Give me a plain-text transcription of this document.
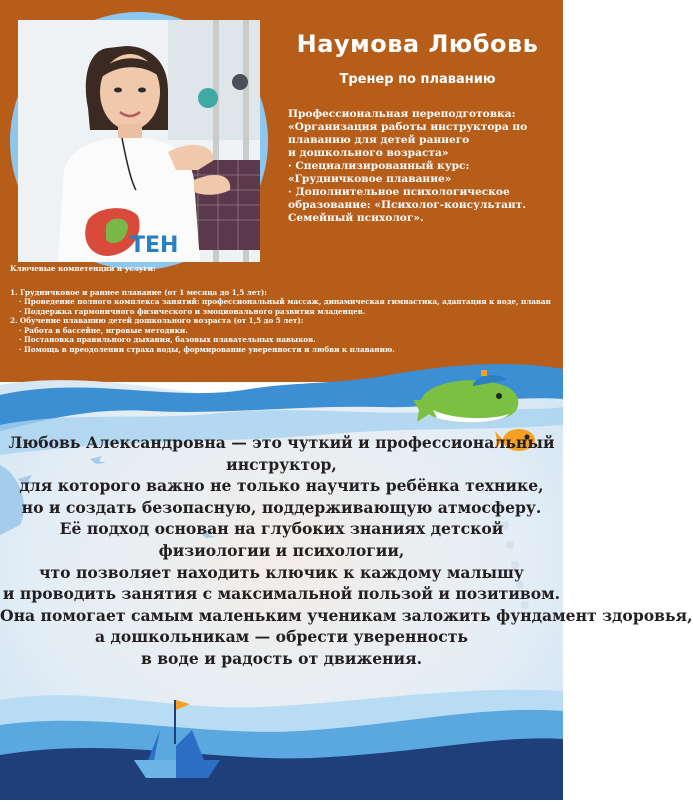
ТЕН
Наумова Любовь
Тренер по плаванию
Профессиональная переподготовка:
«Организация работы инструктора по
плаванию для детей раннего
и дошкольного возраста»
· Специализированный курс:
«Грудничковое плавание»
· Дополнительное психологическое
образование: «Психолог-консультант.
Семейный психолог».
Ключевые компетенции и услуги:
1. Грудничковое и раннее плавание (от 1 месяца до 1,5 лет):
· Проведение полного комплекса занятий: профессиональный массаж, динамическая гимнастика, адаптация к воде, плаван
· Поддержка гармоничного физического и эмоционального развития младенцев.
2. Обучение плаванию детей дошкольного возраста (от 1,5 до 5 лет):
· Работа в бассейне, игровые методики.
· Постановка правильного дыхания, базовых плавательных навыков.
· Помощь в преодолении страха воды, формирование уверенности и любви к плаванию.
Любовь Александровна — это чуткий и профессиональный
инструктор,
для которого важно не только научить ребёнка технике,
но и создать безопасную, поддерживающую атмосферу.
Её подход основан на глубоких знаниях детской
физиологии и психологии,
что позволяет находить ключик к каждому малышу
и проводить занятия с максимальной пользой и позитивом.
Она помогает самым маленьким ученикам заложить фундамент здоровья,
а дошкольникам — обрести уверенность
в воде и радость от движения.
